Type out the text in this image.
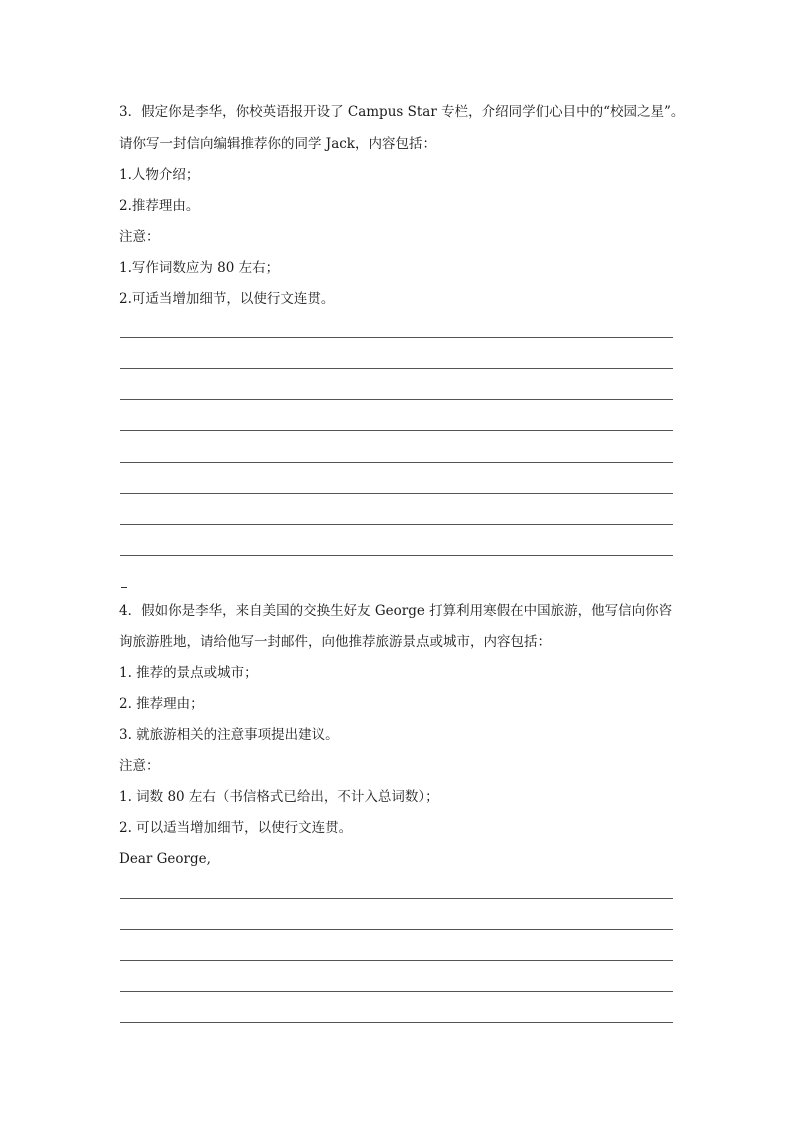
3．假定你是李华，你校英语报开设了 Campus Star 专栏，介绍同学们心目中的“校园之星”。

请你写一封信向编辑推荐你的同学 Jack，内容包括：

1.人物介绍；

2.推荐理由。

注意：

1.写作词数应为 80 左右；

2.可适当增加细节，以使行文连贯。

4．假如你是李华，来自美国的交换生好友 George 打算利用寒假在中国旅游，他写信向你咨

询旅游胜地，请给他写一封邮件，向他推荐旅游景点或城市，内容包括：

1. 推荐的景点或城市；

2. 推荐理由；

3. 就旅游相关的注意事项提出建议。

注意：

1. 词数 80 左右（书信格式已给出，不计入总词数）；

2. 可以适当增加细节，以使行文连贯。

Dear George,
